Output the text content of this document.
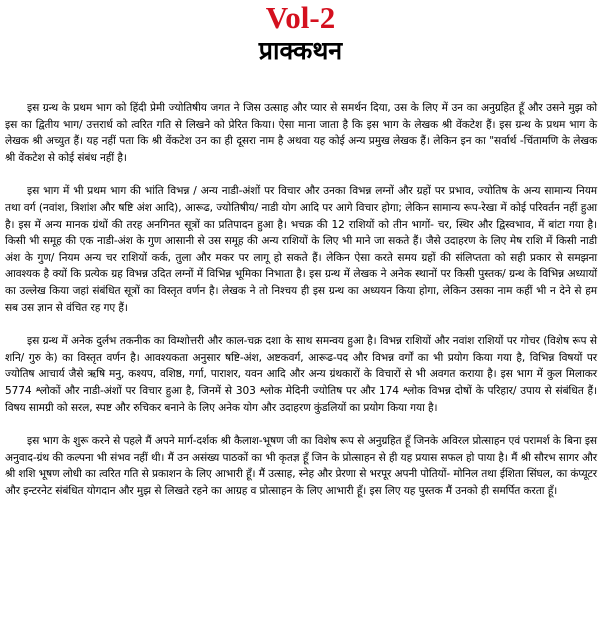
Vol-2
प्राक्कथन

इस ग्रन्थ के प्रथम भाग को हिंदी प्रेमी ज्योतिषीय जगत ने जिस उत्साह और प्यार से समर्थन दिया, उस के लिए में उन का अनुग्रहित हूँ और उसने मुझ को इस का द्वितीय भाग/ उत्तरार्ध को त्वरित गति से लिखने को प्रेरित किया। ऐसा माना जाता है कि इस भाग के लेखक श्री वेंकटेश हैं। इस ग्रन्थ के प्रथम भाग के लेखक श्री अच्युत हैं। यह नहीं पता कि श्री वेंकटेश उन का ही दूसरा नाम है अथवा यह कोई अन्य प्रमुख लेखक हैं। लेकिन इन का "सर्वार्थ -चिंतामणि के लेखक श्री वेंकटेश से कोई संबंध नहीं है।

इस भाग में भी प्रथम भाग की भांति विभन्न / अन्य नाडी-अंशों पर विचार और उनका विभन्न लग्नों और ग्रहों पर प्रभाव, ज्योतिष के अन्य सामान्य नियम तथा वर्ग (नवांश, त्रिशांश और षष्टि अंश आदि), आरूढ, ज्योतिषीय/ नाडी योग आदि पर आगे विचार होगा; लेकिन सामान्य रूप-रेखा में कोई परिवर्तन नहीं हुआ है। इस में अन्य मानक ग्रंथों की तरह अनगिनत सूत्रों का प्रतिपादन हुआ है। भचक्र की 12 राशियों को तीन भागों- चर, स्थिर और द्विस्वभाव, में बांटा गया है। किसी भी समूह की एक नाडी-अंश के गुण आसानी से उस समूह की अन्य राशियों के लिए भी माने जा सकते हैं। जैसे उदाहरण के लिए मेष राशि में किसी नाडी अंश के गुण/ नियम अन्य चर राशियों कर्क, तुला और मकर पर लागू हो सकते हैं। लेकिन ऐसा करते समय ग्रहों की संलिप्तता को सही प्रकार से समझना आवश्यक है क्यों कि प्रत्येक ग्रह विभन्न उदित लग्नों में विभिन्न भूमिका निभाता है। इस ग्रन्थ में लेखक ने अनेक स्थानों पर किसी पुस्तक/ ग्रन्थ के विभिन्न अध्यायों का उल्लेख किया जहां संबंधित सूत्रों का विस्तृत वर्णन है। लेखक ने तो निश्चय ही इस ग्रन्थ का अध्ययन किया होगा, लेकिन उसका नाम कहीं भी न देने से हम सब उस ज्ञान से वंचित रह गए हैं।

इस ग्रन्थ में अनेक दुर्लभ तकनीक का विम्शोत्तरी और काल-चक्र दशा के साथ समन्वय हुआ है। विभन्न राशियों और नवांश राशियों पर गोचर (विशेष रूप से शनि/ गुरु के) का विस्तृत वर्णन है। आवश्यकता अनुसार षष्टि-अंश, अष्टकवर्ग, आरूढ-पद और विभन्न वर्गों का भी प्रयोग किया गया है, विभिन्न विषयों पर ज्योतिष आचार्य जैसे ऋषि मनु, कश्यप, वशिष्ठ, गर्गा, पाराशर, यवन आदि और अन्य ग्रंथकारों के विचारों से भी अवगत कराया है। इस भाग में कुल मिलाकर 5774 श्लोकों और नाडी-अंशों पर विचार हुआ है, जिनमें से 303 श्लोक मेदिनी ज्योतिष पर और 174 श्लोक विभन्न दोषों के परिहार/ उपाय से संबंधित हैं। विषय सामग्री को सरल, स्पष्ट और रुचिकर बनाने के लिए अनेक योग और उदाहरण कुंडलियों का प्रयोग किया गया है।

इस भाग के शुरू करने से पहले मैं अपने मार्ग-दर्शक श्री कैलाश-भूषण जी का विशेष रूप से अनुग्रहित हूँ जिनके अविरल प्रोत्साहन एवं परामर्श के बिना इस अनुवाद-ग्रंथ की कल्पना भी संभव नहीं थी। मैं उन असंख्य पाठकों का भी कृतज्ञ हूँ जिन के प्रोत्साहन से ही यह प्रयास सफल हो पाया है। मैं श्री सौरभ सागर और श्री शशि भूषण लोधी का त्वरित गति से प्रकाशन के लिए आभारी हूँ। मैं उत्साह, स्नेह और प्रेरणा से भरपूर अपनी पोतियों- मोनिल तथा ईशिता सिंघल, का कंप्यूटर और इन्टरनेट संबंधित योगदान और मुझ से लिखते रहने का आग्रह व प्रोत्साहन के लिए आभारी हूँ। इस लिए यह पुस्तक मैं उनको ही समर्पित करता हूँ।
